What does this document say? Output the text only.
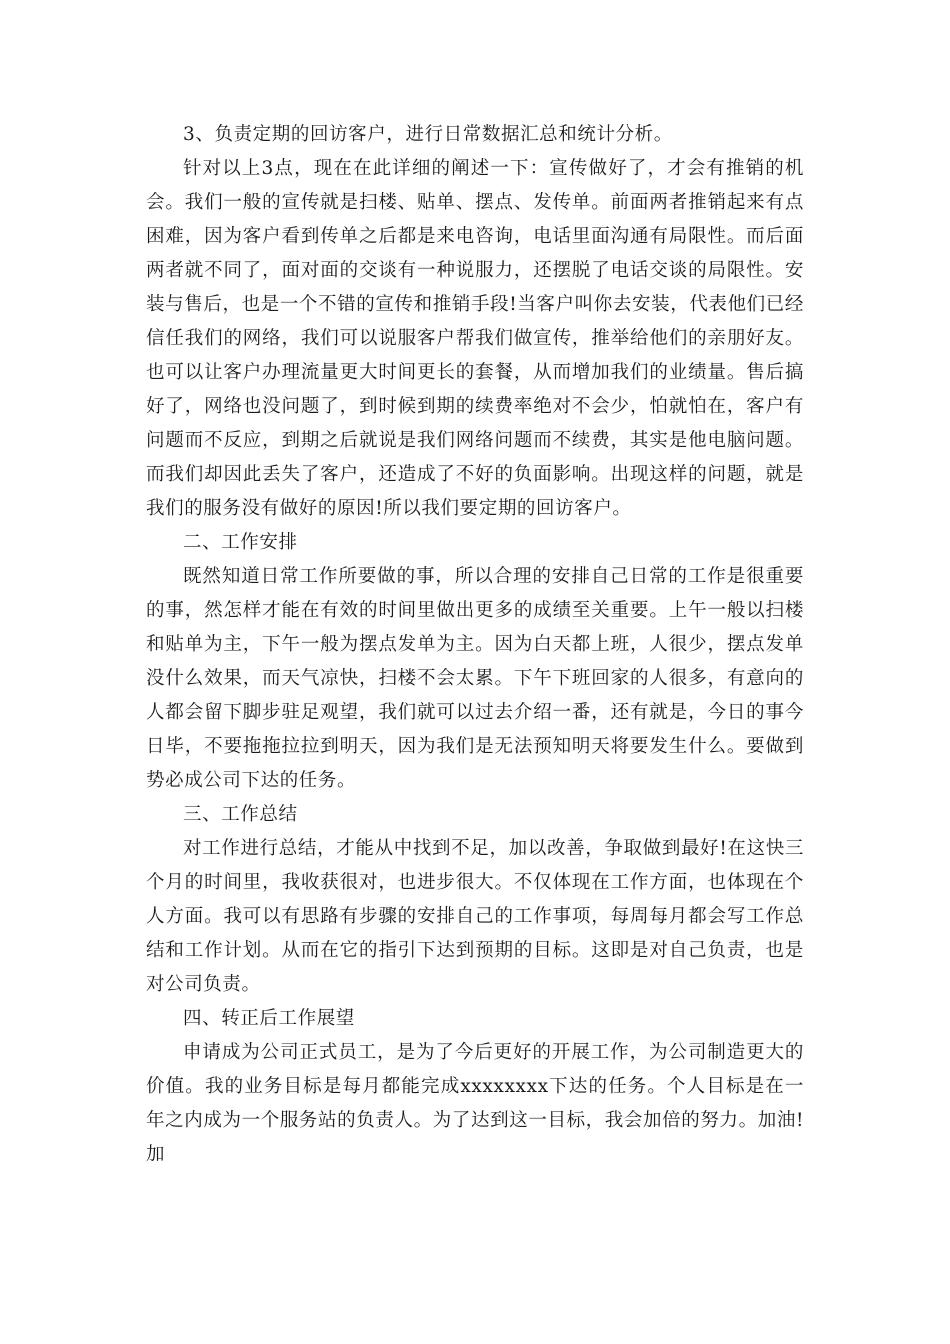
3、负责定期的回访客户，进行日常数据汇总和统计分析。

针对以上3点，现在在此详细的阐述一下：宣传做好了，才会有推销的机会。我们一般的宣传就是扫楼、贴单、摆点、发传单。前面两者推销起来有点困难，因为客户看到传单之后都是来电咨询，电话里面沟通有局限性。而后面两者就不同了，面对面的交谈有一种说服力，还摆脱了电话交谈的局限性。安装与售后，也是一个不错的宣传和推销手段!当客户叫你去安装，代表他们已经信任我们的网络，我们可以说服客户帮我们做宣传，推举给他们的亲朋好友。也可以让客户办理流量更大时间更长的套餐，从而增加我们的业绩量。售后搞好了，网络也没问题了，到时候到期的续费率绝对不会少，怕就怕在，客户有问题而不反应，到期之后就说是我们网络问题而不续费，其实是他电脑问题。而我们却因此丢失了客户，还造成了不好的负面影响。出现这样的问题，就是我们的服务没有做好的原因!所以我们要定期的回访客户。

二、工作安排

既然知道日常工作所要做的事，所以合理的安排自己日常的工作是很重要的事，然怎样才能在有效的时间里做出更多的成绩至关重要。上午一般以扫楼和贴单为主，下午一般为摆点发单为主。因为白天都上班，人很少，摆点发单没什么效果，而天气凉快，扫楼不会太累。下午下班回家的人很多，有意向的人都会留下脚步驻足观望，我们就可以过去介绍一番，还有就是，今日的事今日毕，不要拖拖拉拉到明天，因为我们是无法预知明天将要发生什么。要做到势必成公司下达的任务。

三、工作总结

对工作进行总结，才能从中找到不足，加以改善，争取做到最好!在这快三个月的时间里，我收获很对，也进步很大。不仅体现在工作方面，也体现在个人方面。我可以有思路有步骤的安排自己的工作事项，每周每月都会写工作总结和工作计划。从而在它的指引下达到预期的目标。这即是对自己负责，也是对公司负责。

四、转正后工作展望

申请成为公司正式员工，是为了今后更好的开展工作，为公司制造更大的价值。我的业务目标是每月都能完成xxxxxxxx下达的任务。个人目标是在一年之内成为一个服务站的负责人。为了达到这一目标，我会加倍的努力。加油!加
